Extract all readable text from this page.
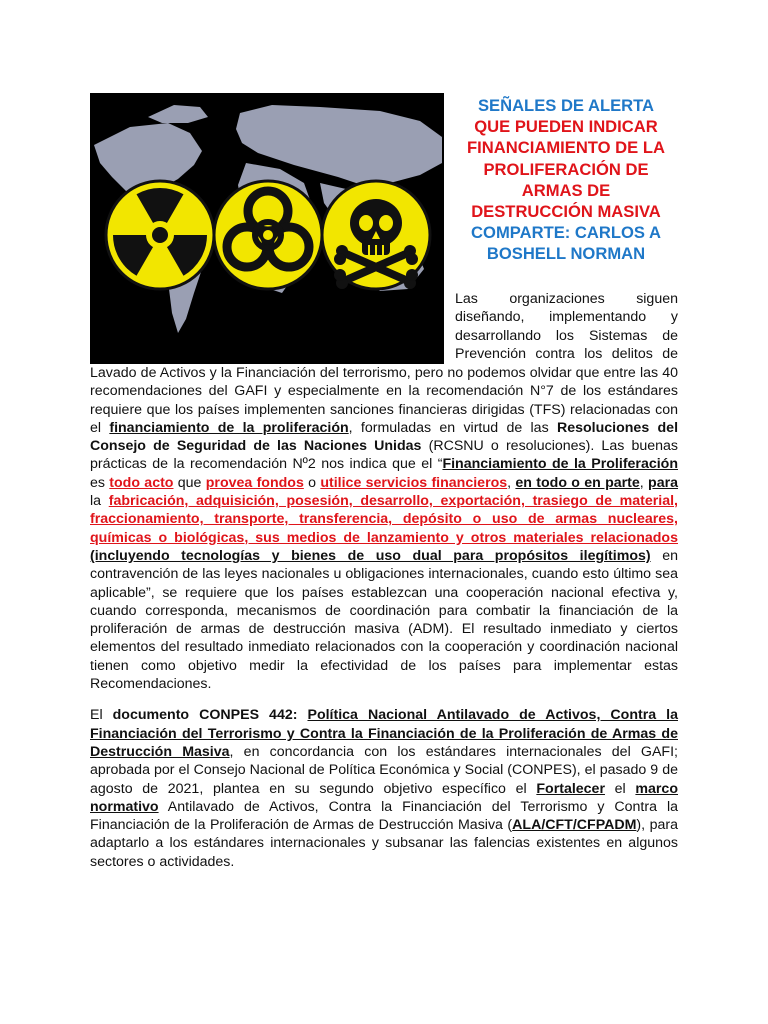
SEÑALES DE ALERTA
QUE PUEDEN INDICAR
FINANCIAMIENTO DE LA
PROLIFERACIÓN DE
ARMAS DE
DESTRUCCIÓN MASIVA
COMPARTE: CARLOS A
BOSHELL NORMAN

Las organizaciones siguen diseñando, implementando y desarrollando los Sistemas de Prevención contra los delitos de

Lavado de Activos y la Financiación del terrorismo, pero no podemos olvidar que entre las 40 recomendaciones del GAFI y especialmente en la recomendación N°7 de los estándares requiere que los países implementen sanciones financieras dirigidas (TFS) relacionadas con el financiamiento de la proliferación, formuladas en virtud de las Resoluciones del Consejo de Seguridad de las Naciones Unidas (RCSNU o resoluciones). Las buenas prácticas de la recomendación Nº2 nos indica que el “Financiamiento de la Proliferación es todo acto que provea fondos o utilice servicios financieros, en todo o en parte, para la fabricación, adquisición, posesión, desarrollo, exportación, trasiego de material, fraccionamiento, transporte, transferencia, depósito o uso de armas nucleares, químicas o biológicas, sus medios de lanzamiento y otros materiales relacionados (incluyendo tecnologías y bienes de uso dual para propósitos ilegítimos) en contravención de las leyes nacionales u obligaciones internacionales, cuando esto último sea aplicable”, se requiere que los países establezcan una cooperación nacional efectiva y, cuando corresponda, mecanismos de coordinación para combatir la financiación de la proliferación de armas de destrucción masiva (ADM). El resultado inmediato y ciertos elementos del resultado inmediato relacionados con la cooperación y coordinación nacional tienen como objetivo medir la efectividad de los países para implementar estas Recomendaciones.

El documento CONPES 442: Política Nacional Antilavado de Activos, Contra la Financiación del Terrorismo y Contra la Financiación de la Proliferación de Armas de Destrucción Masiva, en concordancia con los estándares internacionales del GAFI; aprobada por el Consejo Nacional de Política Económica y Social (CONPES), el pasado 9 de agosto de 2021, plantea en su segundo objetivo específico el Fortalecer el marco normativo Antilavado de Activos, Contra la Financiación del Terrorismo y Contra la Financiación de la Proliferación de Armas de Destrucción Masiva (ALA/CFT/CFPADM), para adaptarlo a los estándares internacionales y subsanar las falencias existentes en algunos sectores o actividades.
